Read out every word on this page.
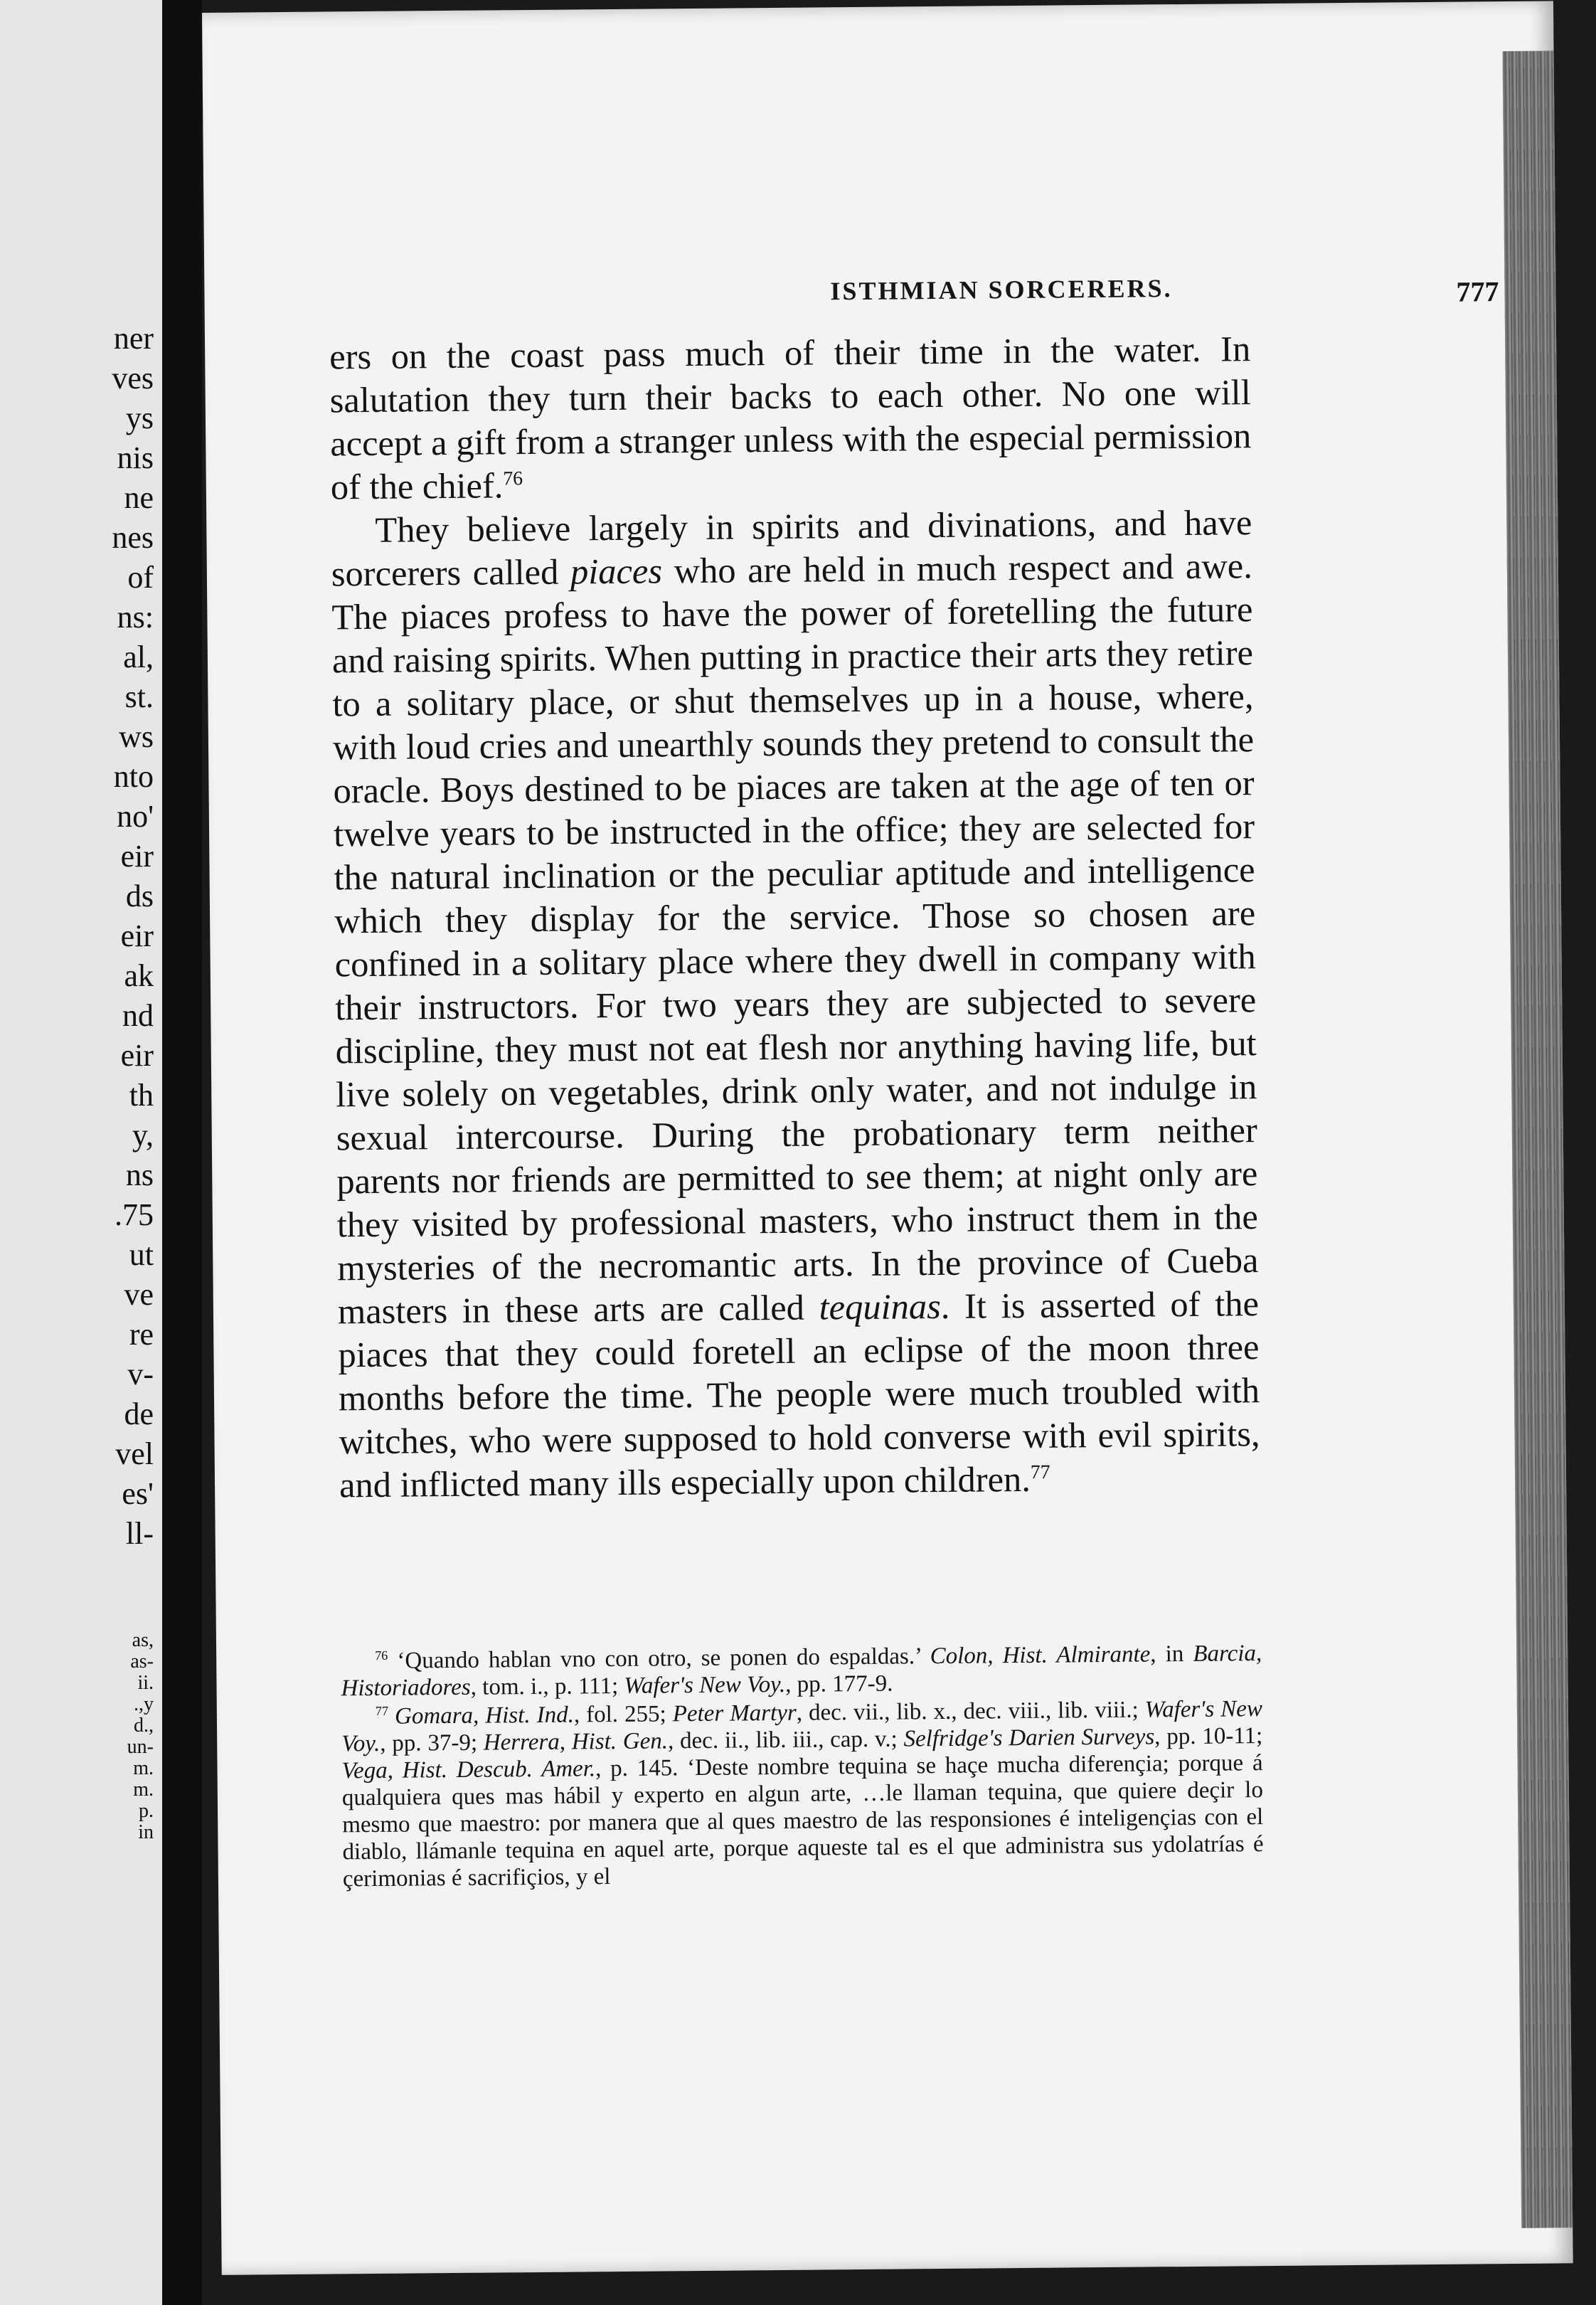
ner
ves
ys
nis
ne
nes
of
ns:
al,
st.
ws
nto
no'
eir
ds
eir
ak
nd
eir
th
y,
ns
.75
ut
ve
re
v-
de
vel
es'
ll-
as,
as-
ii.
.,y
d.,
un-
m.
m.
p.
in
ISTHMIAN SORCERERS.	777

ers on the coast pass much of their time in the water. In salutation they turn their backs to each other. No one will accept a gift from a stranger unless with the especial permission of the chief.$^{76}$

They believe largely in spirits and divinations, and have sorcerers called piaces who are held in much respect and awe. The piaces profess to have the power of foretelling the future and raising spirits. When putting in practice their arts they retire to a solitary place, or shut themselves up in a house, where, with loud cries and unearthly sounds they pretend to consult the oracle. Boys destined to be piaces are taken at the age of ten or twelve years to be instructed in the office; they are selected for the natural inclination or the peculiar aptitude and intelligence which they display for the service. Those so chosen are confined in a solitary place where they dwell in company with their instructors. For two years they are subjected to severe discipline, they must not eat flesh nor anything having life, but live solely on vegetables, drink only water, and not indulge in sexual intercourse. During the probationary term neither parents nor friends are permitted to see them; at night only are they visited by professional masters, who instruct them in the mysteries of the necromantic arts. In the province of Cueba masters in these arts are called tequinas. It is asserted of the piaces that they could foretell an eclipse of the moon three months before the time. The people were much troubled with witches, who were supposed to hold converse with evil spirits, and inflicted many ills especially upon children.$^{77}$

$^{76}$ ‘Quando hablan vno con otro, se ponen do espaldas.’ Colon, Hist. Almirante, in Barcia, Historiadores, tom. i., p. 111; Wafer's New Voy., pp. 177-9.

$^{77}$ Gomara, Hist. Ind., fol. 255; Peter Martyr, dec. vii., lib. x., dec. viii., lib. viii.; Wafer's New Voy., pp. 37-9; Herrera, Hist. Gen., dec. ii., lib. iii., cap. v.; Selfridge's Darien Surveys, pp. 10-11; Vega, Hist. Descub. Amer., p. 145. ‘Deste nombre tequina se haçe mucha diferençia; porque á qualquiera ques mas hábil y experto en algun arte, …le llaman tequina, que quiere deçir lo mesmo que maestro: por manera que al ques maestro de las responsiones é inteligençias con el diablo, llámanle tequina en aquel arte, porque aqueste tal es el que administra sus ydolatrías é çerimonias é sacrifiçios, y el
